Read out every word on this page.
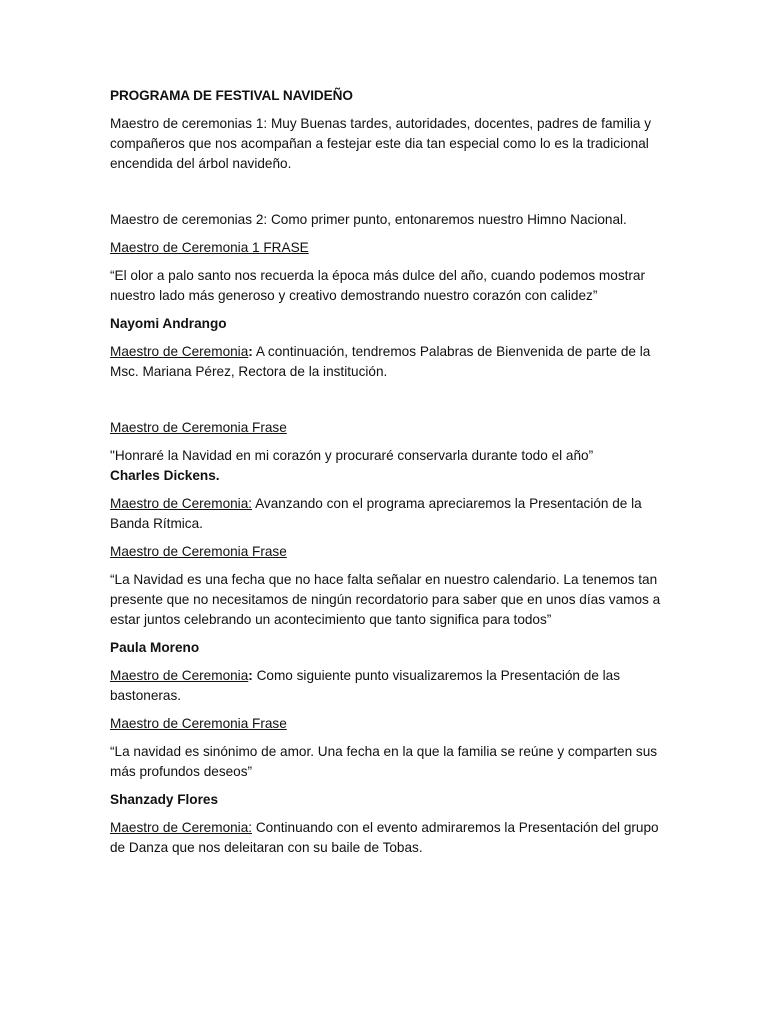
PROGRAMA DE FESTIVAL NAVIDEÑO

Maestro de ceremonias 1: Muy Buenas tardes, autoridades, docentes, padres de familia y compañeros que nos acompañan a festejar este dia tan especial como lo es la tradicional encendida del árbol navideño.

Maestro de ceremonias 2: Como primer punto, entonaremos nuestro Himno Nacional.

Maestro de Ceremonia 1 FRASE

“El olor a palo santo nos recuerda la época más dulce del año, cuando podemos mostrar nuestro lado más generoso y creativo demostrando nuestro corazón con calidez”

Nayomi Andrango

Maestro de Ceremonia: A continuación, tendremos Palabras de Bienvenida de parte de la Msc. Mariana Pérez, Rectora de la institución.

Maestro de Ceremonia Frase

"Honraré la Navidad en mi corazón y procuraré conservarla durante todo el año”
Charles Dickens.

Maestro de Ceremonia: Avanzando con el programa apreciaremos la Presentación de la Banda Rítmica.

Maestro de Ceremonia Frase

“La Navidad es una fecha que no hace falta señalar en nuestro calendario. La tenemos tan presente que no necesitamos de ningún recordatorio para saber que en unos días vamos a estar juntos celebrando un acontecimiento que tanto significa para todos”

Paula Moreno

Maestro de Ceremonia: Como siguiente punto visualizaremos la Presentación de las bastoneras.

Maestro de Ceremonia Frase

“La navidad es sinónimo de amor. Una fecha en la que la familia se reúne y comparten sus más profundos deseos”

Shanzady Flores

Maestro de Ceremonia: Continuando con el evento admiraremos la Presentación del grupo de Danza que nos deleitaran con su baile de Tobas.
